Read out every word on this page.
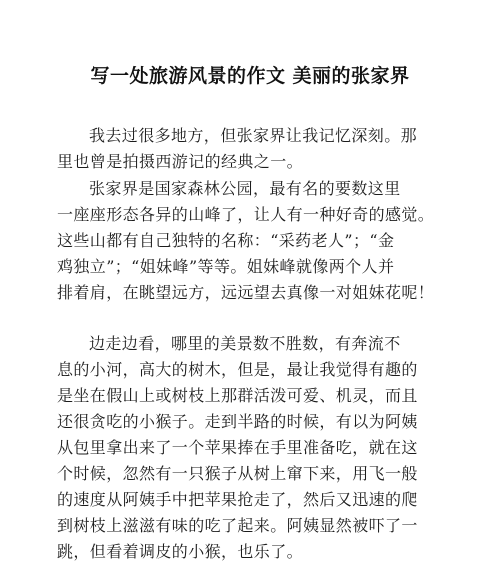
写一处旅游风景的作文 美丽的张家界
我去过很多地方，但张家界让我记忆深刻。那
里也曾是拍摄西游记的经典之一。
张家界是国家森林公园，最有名的要数这里
一座座形态各异的山峰了，让人有一种好奇的感觉。
这些山都有自己独特的名称：“采药老人”；“金
鸡独立”；“姐妹峰”等等。姐妹峰就像两个人并
排着肩，在眺望远方，远远望去真像一对姐妹花呢！
边走边看，哪里的美景数不胜数，有奔流不
息的小河，高大的树木，但是，最让我觉得有趣的
是坐在假山上或树枝上那群活泼可爱、机灵，而且
还很贪吃的小猴子。走到半路的时候，有以为阿姨
从包里拿出来了一个苹果捧在手里准备吃，就在这
个时候，忽然有一只猴子从树上窜下来，用飞一般
的速度从阿姨手中把苹果抢走了，然后又迅速的爬
到树枝上滋滋有味的吃了起来。阿姨显然被吓了一
跳，但看着调皮的小猴，也乐了。
